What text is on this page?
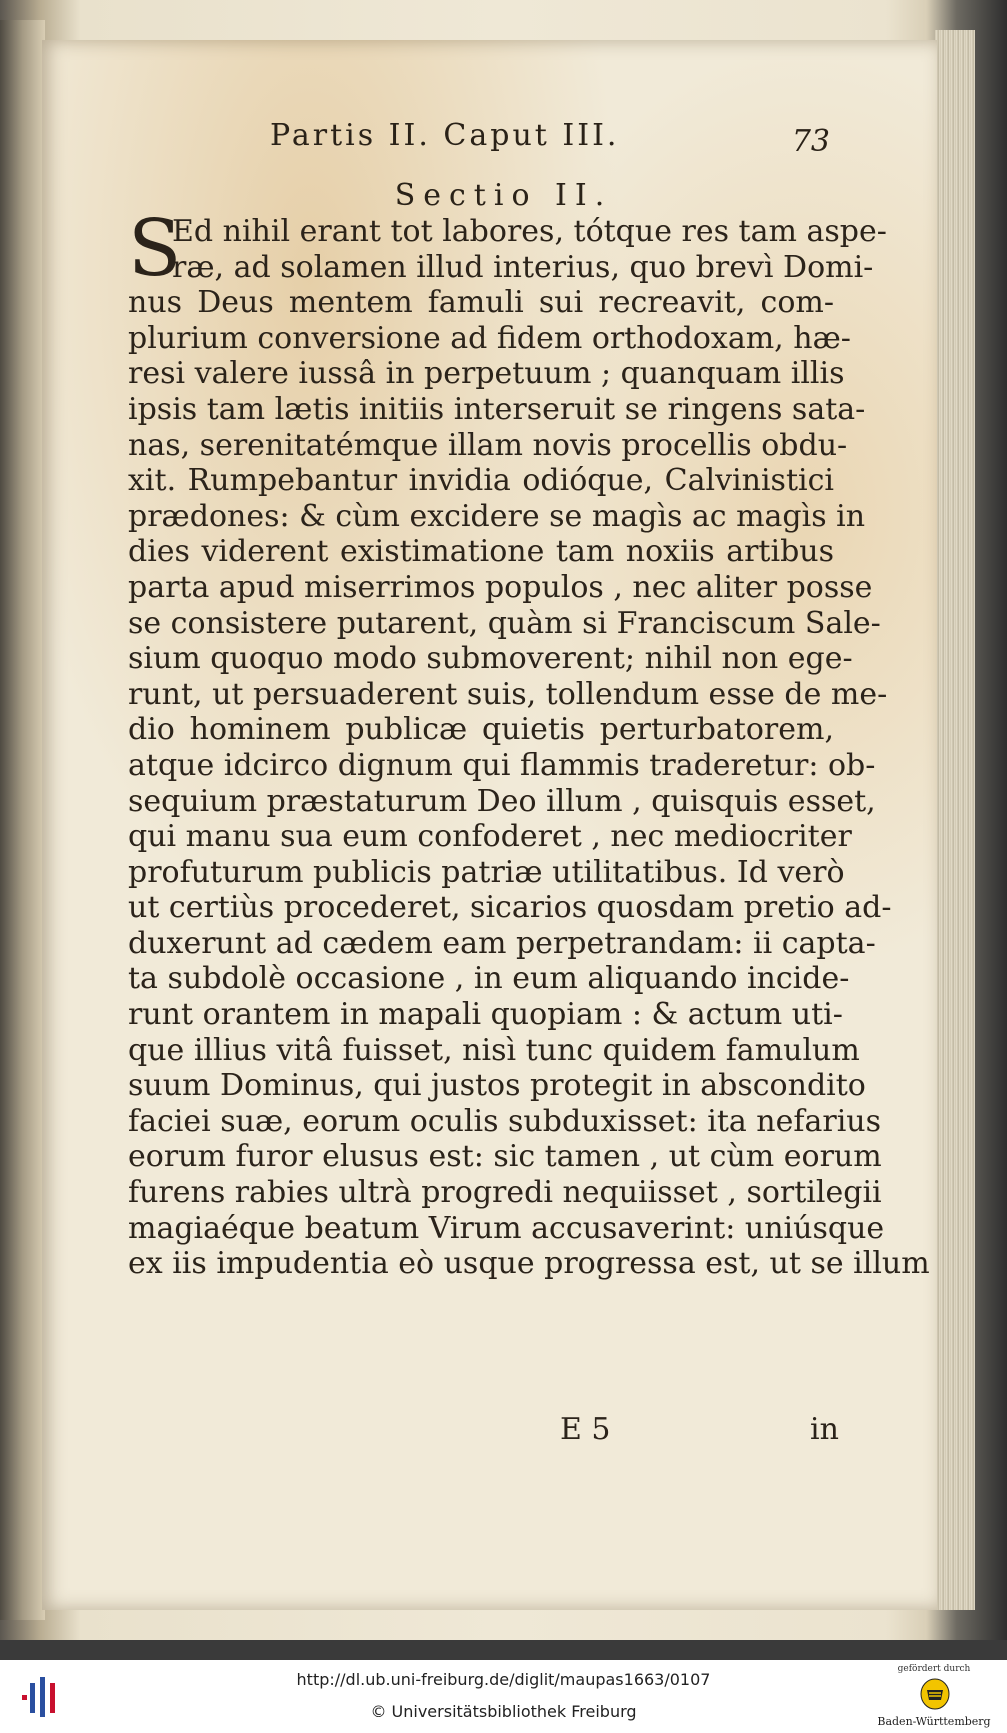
Partis II. Caput III.	73
Sectio II.
S
Ed nihil erant tot labores, tótque res tam aspe-
ræ, ad solamen illud interius, quo brevì Domi-
nus Deus mentem famuli sui recreavit, com-
plurium conversione ad fidem orthodoxam, hæ-
resi valere iussâ in perpetuum ; quanquam illis
ipsis tam lætis initiis interseruit se ringens sata-
nas, serenitatémque illam novis procellis obdu-
xit. Rumpebantur invidia odióque, Calvinistici
prædones: & cùm excidere se magìs ac magìs in
dies viderent existimatione tam noxiis artibus
parta apud miserrimos populos , nec aliter posse
se consistere putarent, quàm si Franciscum Sale-
sium quoquo modo submoverent; nihil non ege-
runt, ut persuaderent suis, tollendum esse de me-
dio hominem publicæ quietis perturbatorem,
atque idcirco dignum qui flammis traderetur: ob-
sequium præstaturum Deo illum , quisquis esset,
qui manu sua eum confoderet , nec mediocriter
profuturum publicis patriæ utilitatibus. Id verò
ut certiùs procederet, sicarios quosdam pretio ad-
duxerunt ad cædem eam perpetrandam: ii capta-
ta subdolè occasione , in eum aliquando incide-
runt orantem in mapali quopiam : & actum uti-
que illius vitâ fuisset, nisì tunc quidem famulum
suum Dominus, qui justos protegit in abscondito
faciei suæ, eorum oculis subduxisset: ita nefarius
eorum furor elusus est: sic tamen , ut cùm eorum
furens rabies ultrà progredi nequiisset , sortilegii
magiaéque beatum Virum accusaverint: uniúsque
ex iis impudentia eò usque progressa est, ut se illum
E 5	in
http://dl.ub.uni-freiburg.de/diglit/maupas1663/0107
© Universitätsbibliothek Freiburg
gefördert durch
Baden-Württemberg
